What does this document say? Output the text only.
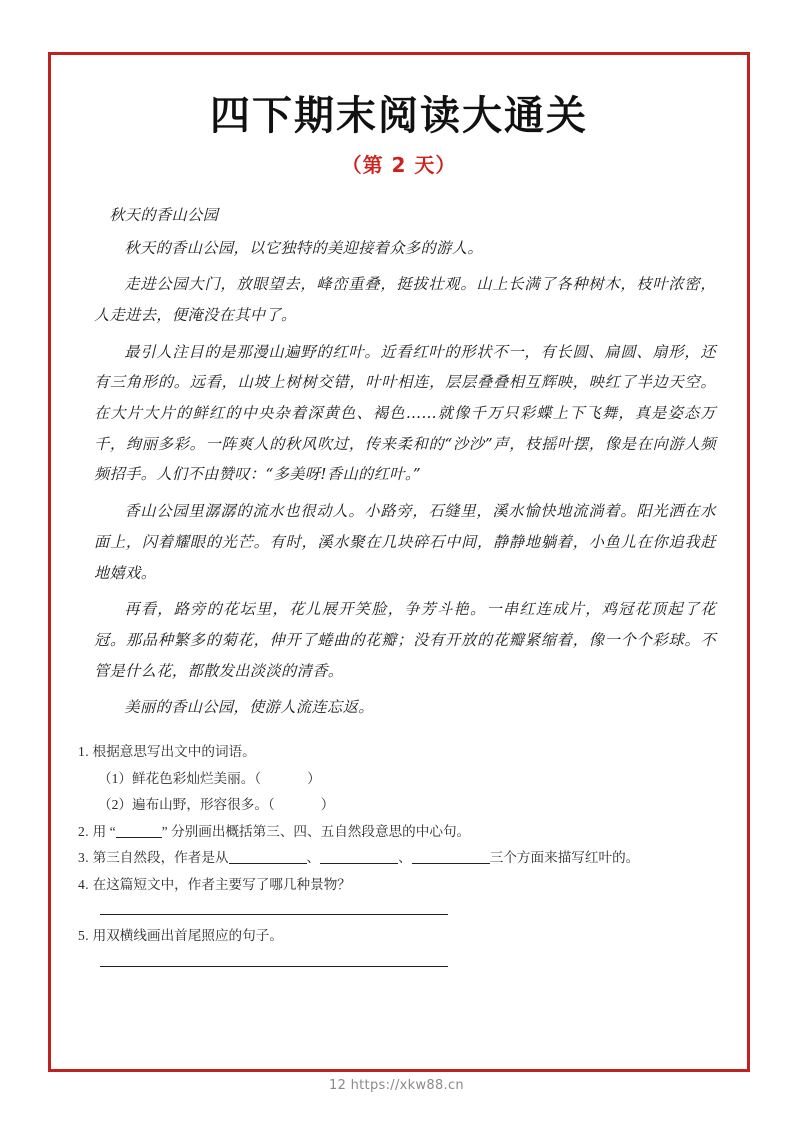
四下期末阅读大通关
（第 2 天）

秋天的香山公园

秋天的香山公园，以它独特的美迎接着众多的游人。

走进公园大门，放眼望去，峰峦重叠，挺拔壮观。山上长满了各种树木，枝叶浓密，人走进去，便淹没在其中了。

最引人注目的是那漫山遍野的红叶。近看红叶的形状不一，有长圆、扁圆、扇形，还有三角形的。远看，山坡上树树交错，叶叶相连，层层叠叠相互辉映，映红了半边天空。在大片大片的鲜红的中央杂着深黄色、褐色……就像千万只彩蝶上下飞舞，真是姿态万千，绚丽多彩。一阵爽人的秋风吹过，传来柔和的“沙沙”声，枝摇叶摆，像是在向游人频频招手。人们不由赞叹：“多美呀!香山的红叶。”

香山公园里潺潺的流水也很动人。小路旁，石缝里，溪水愉快地流淌着。阳光洒在水面上，闪着耀眼的光芒。有时，溪水聚在几块碎石中间，静静地躺着，小鱼儿在你追我赶地嬉戏。

再看，路旁的花坛里，花儿展开笑脸，争芳斗艳。一串红连成片，鸡冠花顶起了花冠。那品种繁多的菊花，伸开了蜷曲的花瓣；没有开放的花瓣紧缩着，像一个个彩球。不管是什么花，都散发出淡淡的清香。

美丽的香山公园，使游人流连忘返。

1. 根据意思写出文中的词语。

（1）鲜花色彩灿烂美丽。（	）

（2）遍布山野，形容很多。（	）

2. 用 “	” 分别画出概括第三、四、五自然段意思的中心句。

3. 第三自然段，作者是从	、	、	三个方面来描写红叶的。

4. 在这篇短文中，作者主要写了哪几种景物？

5. 用双横线画出首尾照应的句子。

12 https://xkw88.cn
